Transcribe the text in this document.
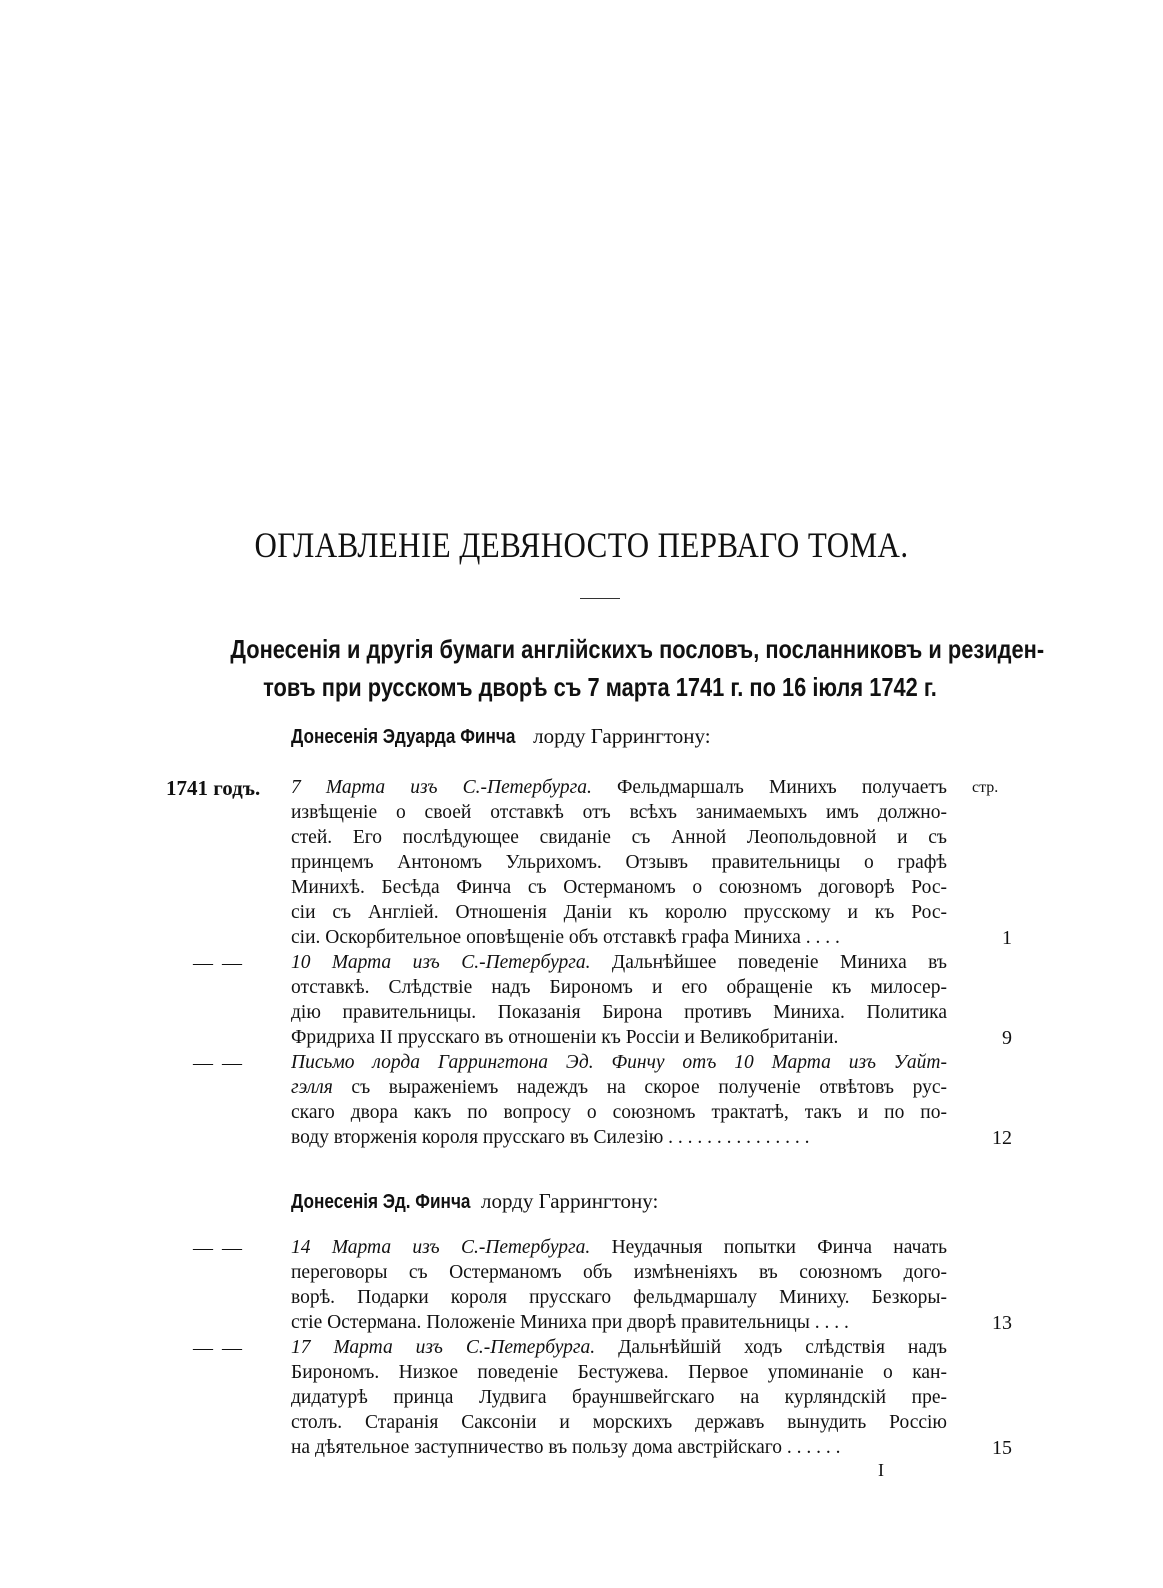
ОГЛАВЛЕНІЕ ДЕВЯНОСТО ПЕРВАГО ТОМА.
Донесенія и другія бумаги англійскихъ пословъ, посланниковъ и резиден-
товъ при русскомъ дворѣ съ 7 марта 1741 г. по 16 іюля 1742 г.
Донесенія Эдуарда Финча лорду Гаррингтону:
1741 годъ.	стр.
7 Марта изъ С.-Петербурга. Фельдмаршалъ Минихъ получаетъ
извѣщеніе о своей отставкѣ отъ всѣхъ занимаемыхъ имъ должно-
стей. Его послѣдующее свиданіе съ Анной Леопольдовной и съ
принцемъ Антономъ Ульрихомъ. Отзывъ правительницы о графѣ
Минихѣ. Бесѣда Финча съ Остерманомъ о союзномъ договорѣ Рос-
сіи съ Англіей. Отношенія Даніи къ королю прусскому и къ Рос-
сіи. Оскорбительное оповѣщеніе объ отставкѣ графа Миниха . . . .	1
— — 10 Марта изъ С.-Петербурга. Дальнѣйшее поведеніе Миниха въ
отставкѣ. Слѣдствіе надъ Бирономъ и его обращеніе къ милосер-
дію правительницы. Показанія Бирона противъ Миниха. Политика
Фридриха II прусскаго въ отношеніи къ Россіи и Великобританіи.	9
— — Письмо лорда Гаррингтона Эд. Финчу отъ 10 Марта изъ Уайт-
гэлля съ выраженіемъ надеждъ на скорое полученіе отвѣтовъ рус-
скаго двора какъ по вопросу о союзномъ трактатѣ, такъ и по по-
воду вторженія короля прусскаго въ Силезію . . . . . . . . . . . . . . .	12
Донесенія Эд. Финча лорду Гаррингтону:
— — 14 Марта изъ С.-Петербурга. Неудачныя попытки Финча начать
переговоры съ Остерманомъ объ измѣненіяхъ въ союзномъ дого-
ворѣ. Подарки короля прусскаго фельдмаршалу Миниху. Безкоры-
стіе Остермана. Положеніе Миниха при дворѣ правительницы . . . .	13
— — 17 Марта изъ С.-Петербурга. Дальнѣйшій ходъ слѣдствія надъ
Бирономъ. Низкое поведеніе Бестужева. Первое упоминаніе о кан-
дидатурѣ принца Лудвига брауншвейгскаго на курляндскій пре-
столъ. Старанія Саксоніи и морскихъ державъ вынудить Россію
на дѣятельное заступничество въ пользу дома австрійскаго . . . . . .	15
I
